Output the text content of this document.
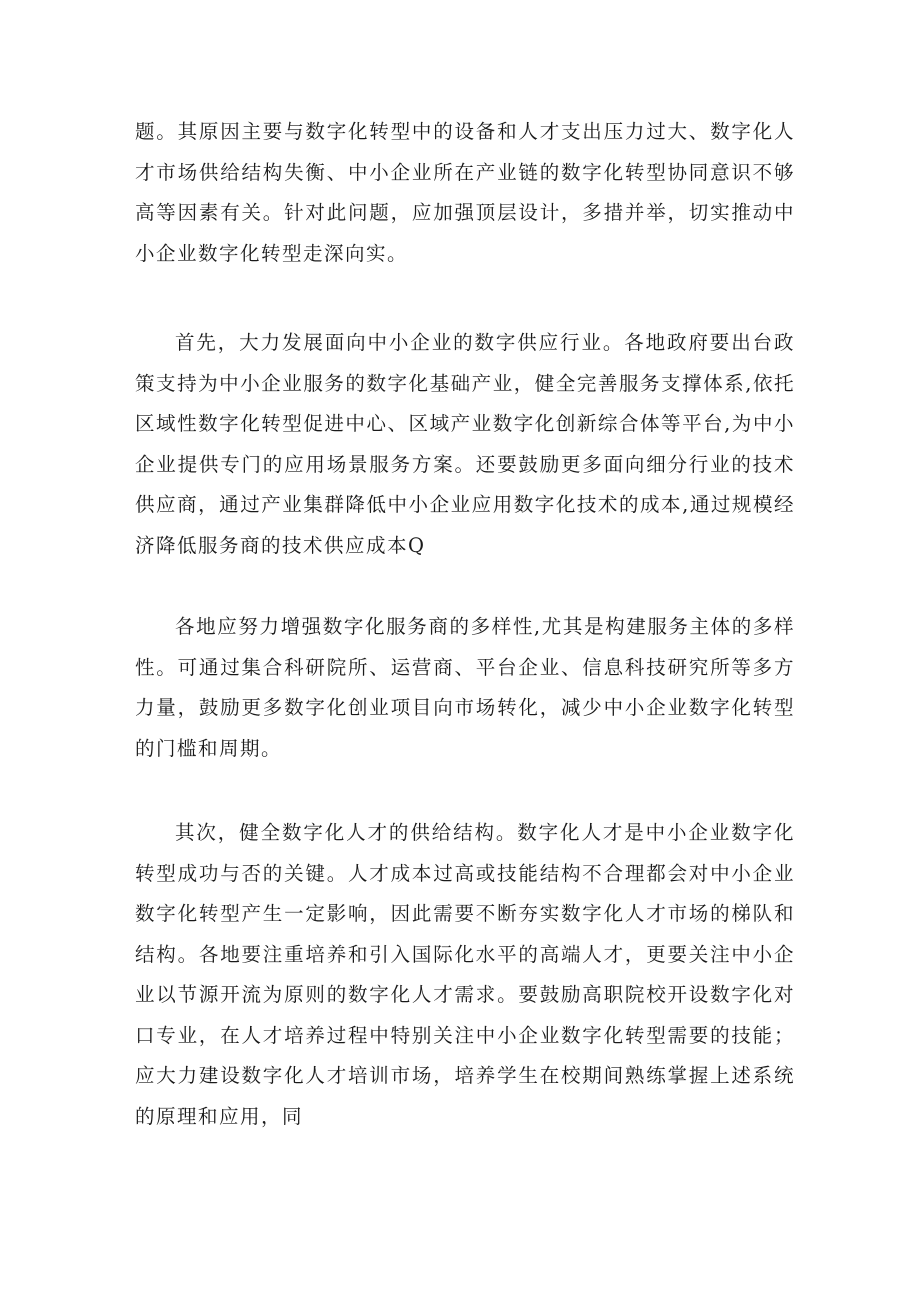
题。其原因主要与数字化转型中的设备和人才支出压力过大、数字化人才市场供给结构失衡、中小企业所在产业链的数字化转型协同意识不够高等因素有关。针对此问题，应加强顶层设计，多措并举，切实推动中小企业数字化转型走深向实。

首先，大力发展面向中小企业的数字供应行业。各地政府要出台政策支持为中小企业服务的数字化基础产业，健全完善服务支撑体系,依托区域性数字化转型促进中心、区域产业数字化创新综合体等平台,为中小企业提供专门的应用场景服务方案。还要鼓励更多面向细分行业的技术供应商，通过产业集群降低中小企业应用数字化技术的成本,通过规模经济降低服务商的技术供应成本Q

各地应努力增强数字化服务商的多样性,尤其是构建服务主体的多样性。可通过集合科研院所、运营商、平台企业、信息科技研究所等多方力量，鼓励更多数字化创业项目向市场转化，减少中小企业数字化转型的门槛和周期。

其次，健全数字化人才的供给结构。数字化人才是中小企业数字化转型成功与否的关键。人才成本过高或技能结构不合理都会对中小企业数字化转型产生一定影响，因此需要不断夯实数字化人才市场的梯队和结构。各地要注重培养和引入国际化水平的高端人才，更要关注中小企业以节源开流为原则的数字化人才需求。要鼓励高职院校开设数字化对口专业，在人才培养过程中特别关注中小企业数字化转型需要的技能；应大力建设数字化人才培训市场，培养学生在校期间熟练掌握上述系统的原理和应用，同
